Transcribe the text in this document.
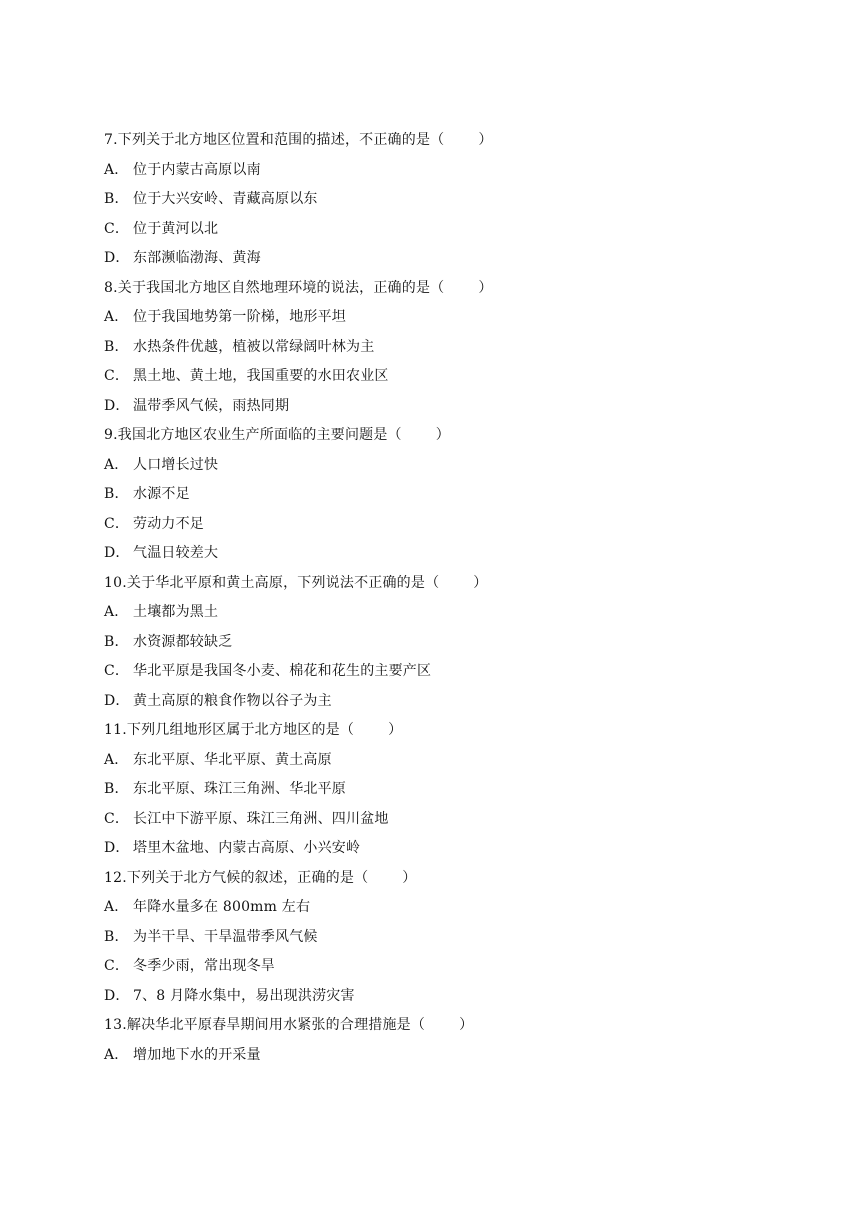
7.下列关于北方地区位置和范围的描述，不正确的是（	）
A． 位于内蒙古高原以南
B． 位于大兴安岭、青藏高原以东
C． 位于黄河以北
D． 东部濒临渤海、黄海
8.关于我国北方地区自然地理环境的说法，正确的是（	）
A． 位于我国地势第一阶梯，地形平坦
B． 水热条件优越，植被以常绿阔叶林为主
C． 黑土地、黄土地，我国重要的水田农业区
D． 温带季风气候，雨热同期
9.我国北方地区农业生产所面临的主要问题是（	）
A． 人口增长过快
B． 水源不足
C． 劳动力不足
D． 气温日较差大
10.关于华北平原和黄土高原，下列说法不正确的是（	）
A． 土壤都为黑土
B． 水资源都较缺乏
C． 华北平原是我国冬小麦、棉花和花生的主要产区
D． 黄土高原的粮食作物以谷子为主
11.下列几组地形区属于北方地区的是（	）
A． 东北平原、华北平原、黄土高原
B． 东北平原、珠江三角洲、华北平原
C． 长江中下游平原、珠江三角洲、四川盆地
D． 塔里木盆地、内蒙古高原、小兴安岭
12.下列关于北方气候的叙述，正确的是（	）
A． 年降水量多在 800mm 左右
B． 为半干旱、干旱温带季风气候
C． 冬季少雨，常出现冬旱
D． 7、8 月降水集中，易出现洪涝灾害
13.解决华北平原春旱期间用水紧张的合理措施是（	）
A． 增加地下水的开采量
